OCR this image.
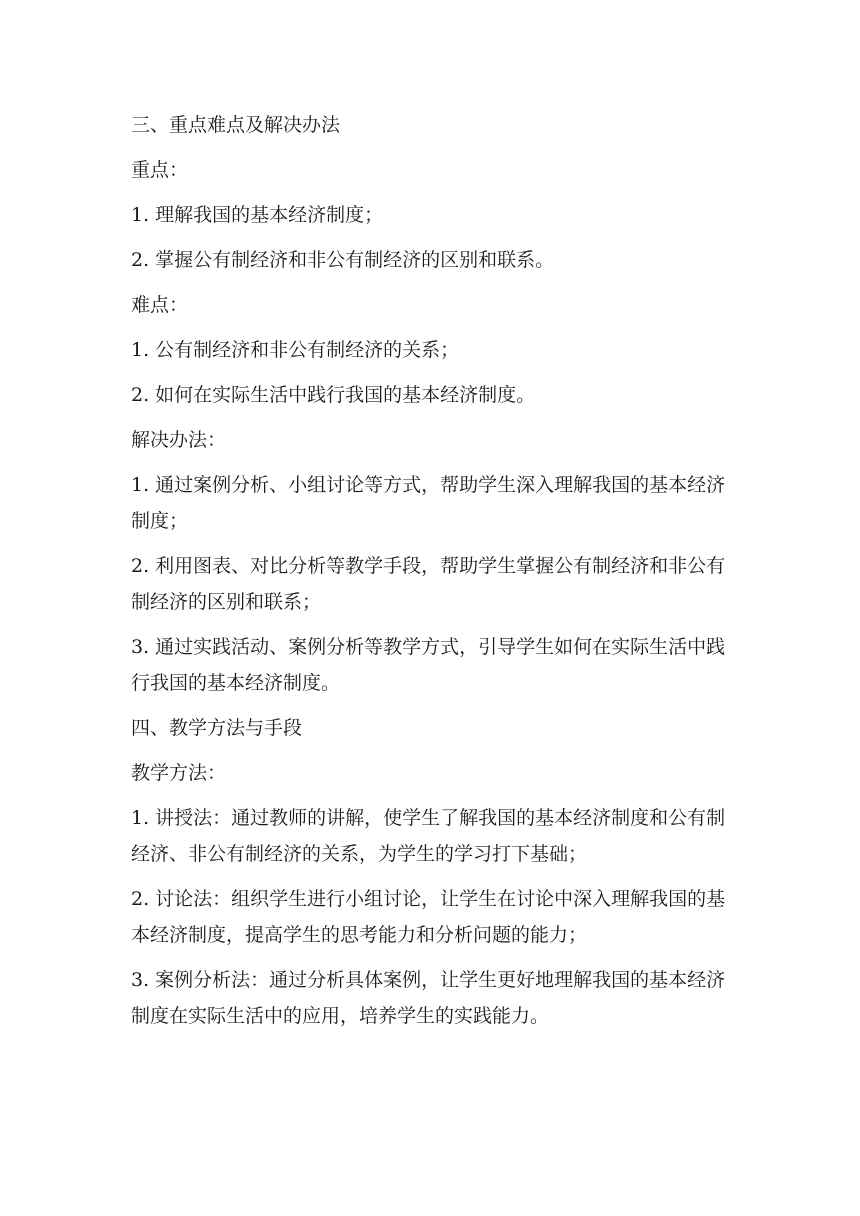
三、重点难点及解决办法

重点：

1. 理解我国的基本经济制度；

2. 掌握公有制经济和非公有制经济的区别和联系。

难点：

1. 公有制经济和非公有制经济的关系；

2. 如何在实际生活中践行我国的基本经济制度。

解决办法：

1. 通过案例分析、小组讨论等方式，帮助学生深入理解我国的基本经济制度；

2. 利用图表、对比分析等教学手段，帮助学生掌握公有制经济和非公有制经济的区别和联系；

3. 通过实践活动、案例分析等教学方式，引导学生如何在实际生活中践行我国的基本经济制度。

四、教学方法与手段

教学方法：

1. 讲授法：通过教师的讲解，使学生了解我国的基本经济制度和公有制经济、非公有制经济的关系，为学生的学习打下基础；

2. 讨论法：组织学生进行小组讨论，让学生在讨论中深入理解我国的基本经济制度，提高学生的思考能力和分析问题的能力；

3. 案例分析法：通过分析具体案例，让学生更好地理解我国的基本经济制度在实际生活中的应用，培养学生的实践能力。
